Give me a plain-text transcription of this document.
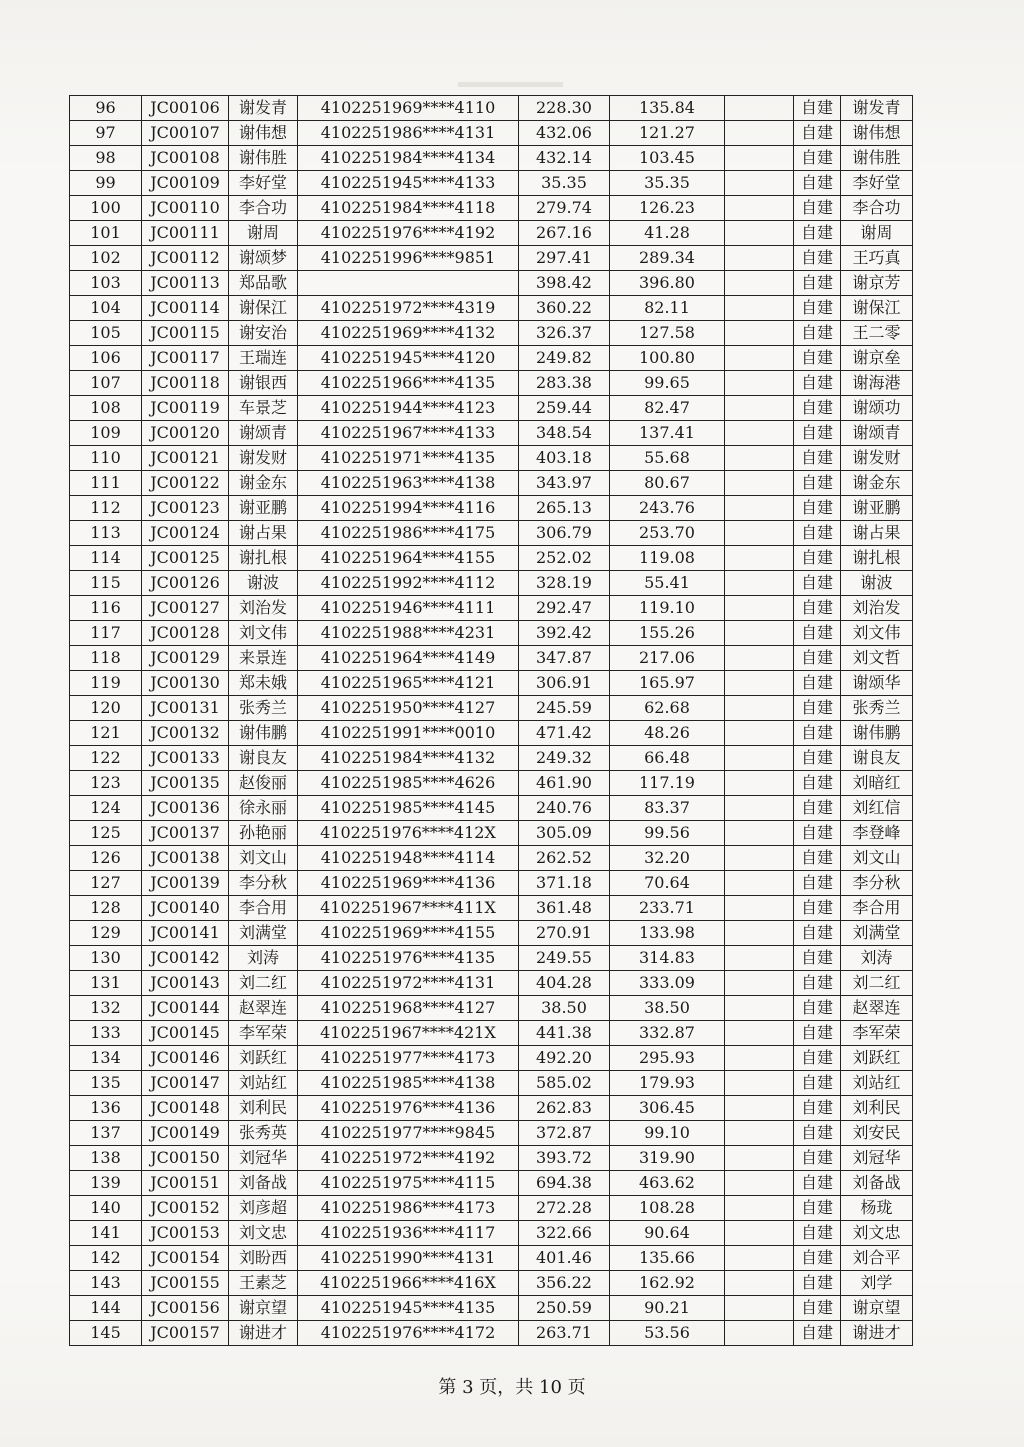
96	JC00106	谢发青	4102251969****4110	228.30	135.84		自建	谢发青
97	JC00107	谢伟想	4102251986****4131	432.06	121.27		自建	谢伟想
98	JC00108	谢伟胜	4102251984****4134	432.14	103.45		自建	谢伟胜
99	JC00109	李好堂	4102251945****4133	35.35	35.35		自建	李好堂
100	JC00110	李合功	4102251984****4118	279.74	126.23		自建	李合功
101	JC00111	谢周	4102251976****4192	267.16	41.28		自建	谢周
102	JC00112	谢颂梦	4102251996****9851	297.41	289.34		自建	王巧真
103	JC00113	郑品歌		398.42	396.80		自建	谢京芳
104	JC00114	谢保江	4102251972****4319	360.22	82.11		自建	谢保江
105	JC00115	谢安治	4102251969****4132	326.37	127.58		自建	王二零
106	JC00117	王瑞连	4102251945****4120	249.82	100.80		自建	谢京垒
107	JC00118	谢银西	4102251966****4135	283.38	99.65		自建	谢海港
108	JC00119	车景芝	4102251944****4123	259.44	82.47		自建	谢颂功
109	JC00120	谢颂青	4102251967****4133	348.54	137.41		自建	谢颂青
110	JC00121	谢发财	4102251971****4135	403.18	55.68		自建	谢发财
111	JC00122	谢金东	4102251963****4138	343.97	80.67		自建	谢金东
112	JC00123	谢亚鹏	4102251994****4116	265.13	243.76		自建	谢亚鹏
113	JC00124	谢占果	4102251986****4175	306.79	253.70		自建	谢占果
114	JC00125	谢扎根	4102251964****4155	252.02	119.08		自建	谢扎根
115	JC00126	谢波	4102251992****4112	328.19	55.41		自建	谢波
116	JC00127	刘治发	4102251946****4111	292.47	119.10		自建	刘治发
117	JC00128	刘文伟	4102251988****4231	392.42	155.26		自建	刘文伟
118	JC00129	来景连	4102251964****4149	347.87	217.06		自建	刘文哲
119	JC00130	郑未娥	4102251965****4121	306.91	165.97		自建	谢颂华
120	JC00131	张秀兰	4102251950****4127	245.59	62.68		自建	张秀兰
121	JC00132	谢伟鹏	4102251991****0010	471.42	48.26		自建	谢伟鹏
122	JC00133	谢良友	4102251984****4132	249.32	66.48		自建	谢良友
123	JC00135	赵俊丽	4102251985****4626	461.90	117.19		自建	刘暗红
124	JC00136	徐永丽	4102251985****4145	240.76	83.37		自建	刘红信
125	JC00137	孙艳丽	4102251976****412X	305.09	99.56		自建	李登峰
126	JC00138	刘文山	4102251948****4114	262.52	32.20		自建	刘文山
127	JC00139	李分秋	4102251969****4136	371.18	70.64		自建	李分秋
128	JC00140	李合用	4102251967****411X	361.48	233.71		自建	李合用
129	JC00141	刘满堂	4102251969****4155	270.91	133.98		自建	刘满堂
130	JC00142	刘涛	4102251976****4135	249.55	314.83		自建	刘涛
131	JC00143	刘二红	4102251972****4131	404.28	333.09		自建	刘二红
132	JC00144	赵翠连	4102251968****4127	38.50	38.50		自建	赵翠连
133	JC00145	李军荣	4102251967****421X	441.38	332.87		自建	李军荣
134	JC00146	刘跃红	4102251977****4173	492.20	295.93		自建	刘跃红
135	JC00147	刘站红	4102251985****4138	585.02	179.93		自建	刘站红
136	JC00148	刘利民	4102251976****4136	262.83	306.45		自建	刘利民
137	JC00149	张秀英	4102251977****9845	372.87	99.10		自建	刘安民
138	JC00150	刘冠华	4102251972****4192	393.72	319.90		自建	刘冠华
139	JC00151	刘备战	4102251975****4115	694.38	463.62		自建	刘备战
140	JC00152	刘彦超	4102251986****4173	272.28	108.28		自建	杨珑
141	JC00153	刘文忠	4102251936****4117	322.66	90.64		自建	刘文忠
142	JC00154	刘盼西	4102251990****4131	401.46	135.66		自建	刘合平
143	JC00155	王素芝	4102251966****416X	356.22	162.92		自建	刘学
144	JC00156	谢京望	4102251945****4135	250.59	90.21		自建	谢京望
145	JC00157	谢进才	4102251976****4172	263.71	53.56		自建	谢进才
第 3 页，共 10 页
